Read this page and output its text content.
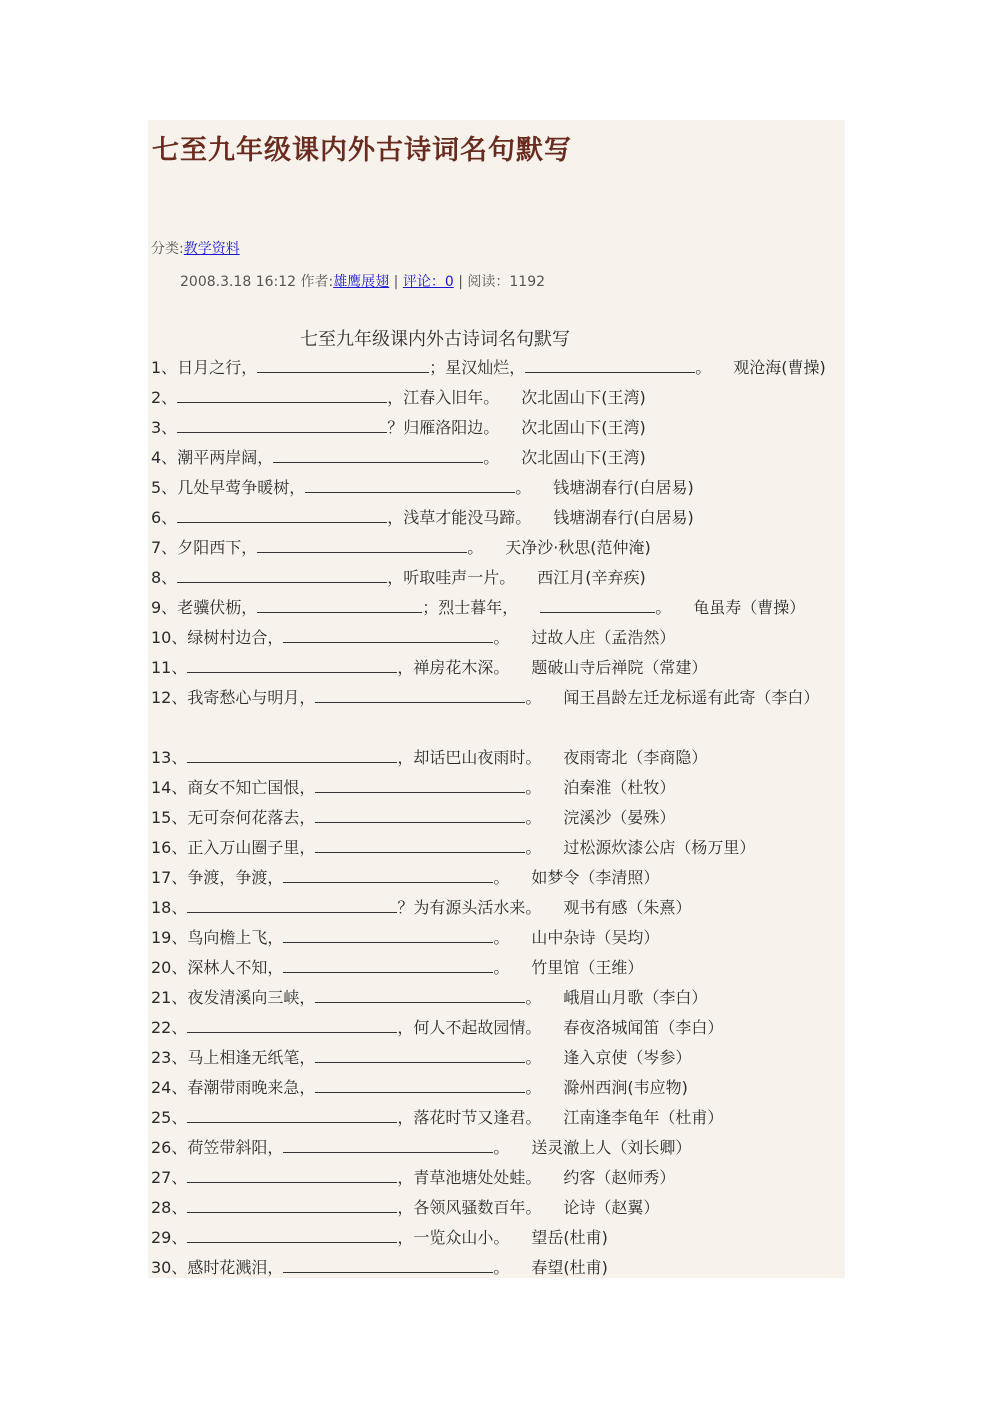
七至九年级课内外古诗词名句默写
分类:教学资料
2008.3.18 16:12 作者:雄鹰展翅 | 评论：0 | 阅读：1192
七至九年级课内外古诗词名句默写
1、日月之行，	；星汉灿烂，	。 观沧海(曹操)
2、	，江春入旧年。 次北固山下(王湾)
3、	？归雁洛阳边。 次北固山下(王湾)
4、潮平两岸阔，	。 次北固山下(王湾)
5、几处早莺争暖树，	。 钱塘湖春行(白居易)
6、	，浅草才能没马蹄。 钱塘湖春行(白居易)
7、夕阳西下，	。 天净沙·秋思(范仲淹)
8、	，听取哇声一片。 西江月(辛弃疾)
9、老骥伏枥，	；烈士暮年，	。 龟虽寿（曹操）
10、绿树村边合，	。 过故人庄（孟浩然）
11、	，禅房花木深。 题破山寺后禅院（常建）
12、我寄愁心与明月，	。 闻王昌龄左迁龙标遥有此寄（李白）
13、	，却话巴山夜雨时。 夜雨寄北（李商隐）
14、商女不知亡国恨，	。 泊秦淮（杜牧）
15、无可奈何花落去，	。 浣溪沙（晏殊）
16、正入万山圈子里，	。 过松源炊漆公店（杨万里）
17、争渡，争渡，	。 如梦令（李清照）
18、	？为有源头活水来。 观书有感（朱熹）
19、鸟向檐上飞，	。 山中杂诗（吴均）
20、深林人不知，	。 竹里馆（王维）
21、夜发清溪向三峡，	。 峨眉山月歌（李白）
22、	，何人不起故园情。 春夜洛城闻笛（李白）
23、马上相逢无纸笔，	。 逢入京使（岑参）
24、春潮带雨晚来急，	。 滁州西涧(韦应物)
25、	，落花时节又逢君。 江南逢李龟年（杜甫）
26、荷笠带斜阳，	。 送灵澈上人（刘长卿）
27、	，青草池塘处处蛙。 约客（赵师秀）
28、	，各领风骚数百年。 论诗（赵翼）
29、	，一览众山小。 望岳(杜甫)
30、感时花溅泪，	。 春望(杜甫)
